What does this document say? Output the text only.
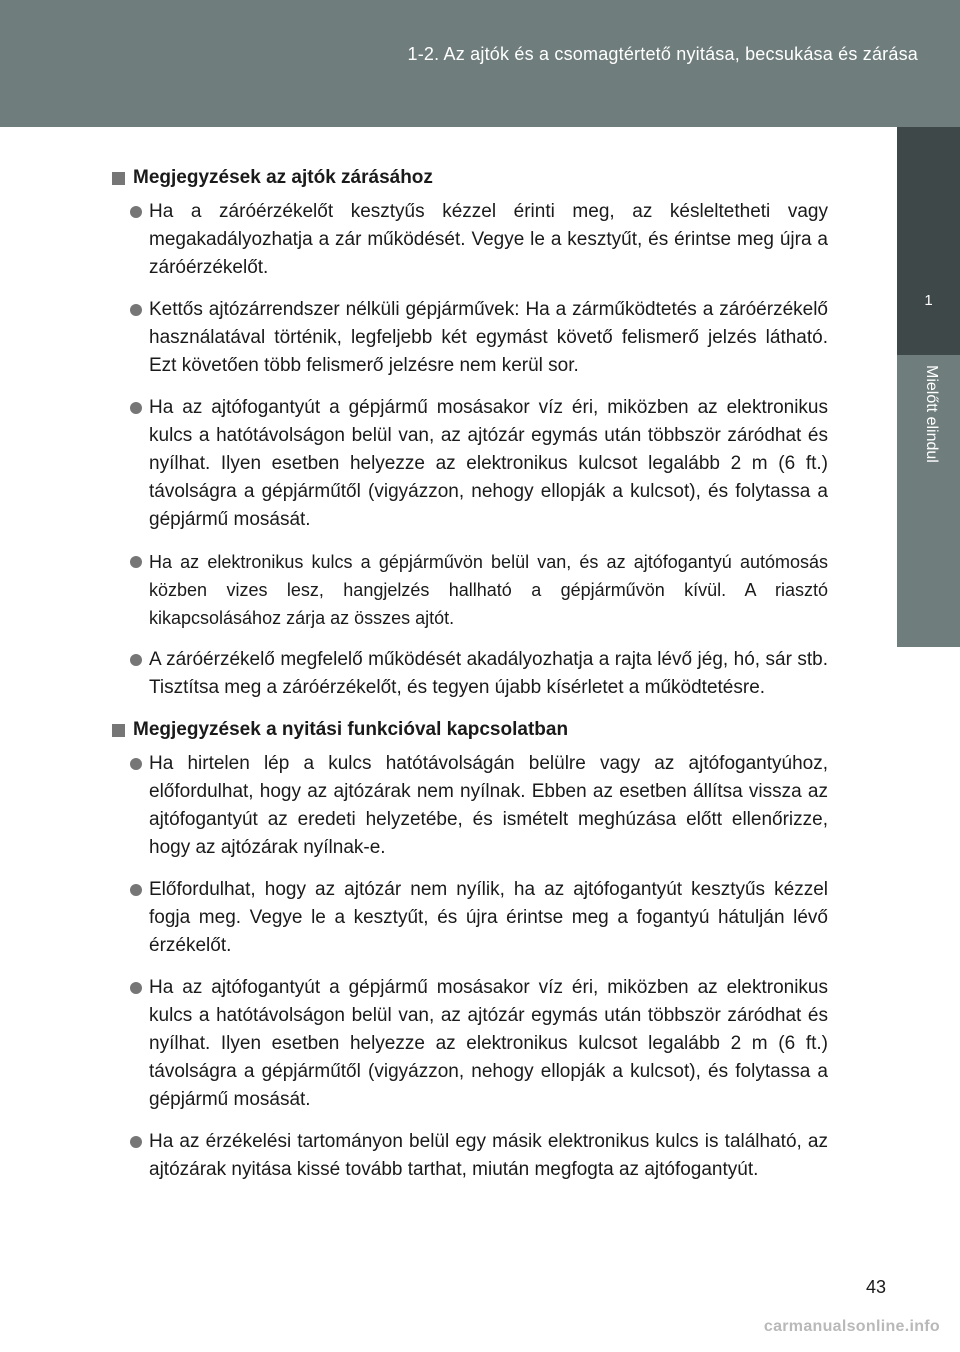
1-2. Az ajtók és a csomagtértető nyitása, becsukása és zárása
1
Mielőtt elindul
Megjegyzések az ajtók zárásához
Ha a záróérzékelőt kesztyűs kézzel érinti meg, az késleltetheti vagy megakadályozhatja a zár működését. Vegye le a kesztyűt, és érintse meg újra a záróérzékelőt.
Kettős ajtózárrendszer nélküli gépjárművek: Ha a zárműködtetés a záróérzékelő használatával történik, legfeljebb két egymást követő felismerő jelzés látható. Ezt követően több felismerő jelzésre nem kerül sor.
Ha az ajtófogantyút a gépjármű mosásakor víz éri, miközben az elektronikus kulcs a hatótávolságon belül van, az ajtózár egymás után többször záródhat és nyílhat. Ilyen esetben helyezze az elektronikus kulcsot legalább 2 m (6 ft.) távolságra a gépjárműtől (vigyázzon, nehogy ellopják a kulcsot), és folytassa a gépjármű mosását.
Ha az elektronikus kulcs a gépjárművön belül van, és az ajtófogantyú autómosás közben vizes lesz, hangjelzés hallható a gépjárművön kívül. A riasztó kikapcsolásához zárja az összes ajtót.
A záróérzékelő megfelelő működését akadályozhatja a rajta lévő jég, hó, sár stb. Tisztítsa meg a záróérzékelőt, és tegyen újabb kísérletet a működtetésre.
Megjegyzések a nyitási funkcióval kapcsolatban
Ha hirtelen lép a kulcs hatótávolságán belülre vagy az ajtófogantyúhoz, előfordulhat, hogy az ajtózárak nem nyílnak. Ebben az esetben állítsa vissza az ajtófogantyút az eredeti helyzetébe, és ismételt meghúzása előtt ellenőrizze, hogy az ajtózárak nyílnak-e.
Előfordulhat, hogy az ajtózár nem nyílik, ha az ajtófogantyút kesztyűs kézzel fogja meg. Vegye le a kesztyűt, és újra érintse meg a fogantyú hátulján lévő érzékelőt.
Ha az ajtófogantyút a gépjármű mosásakor víz éri, miközben az elektronikus kulcs a hatótávolságon belül van, az ajtózár egymás után többször záródhat és nyílhat. Ilyen esetben helyezze az elektronikus kulcsot legalább 2 m (6 ft.) távolságra a gépjárműtől (vigyázzon, nehogy ellopják a kulcsot), és folytassa a gépjármű mosását.
Ha az érzékelési tartományon belül egy másik elektronikus kulcs is található, az ajtózárak nyitása kissé tovább tarthat, miután megfogta az ajtófogantyút.
43
carmanualsonline.info
